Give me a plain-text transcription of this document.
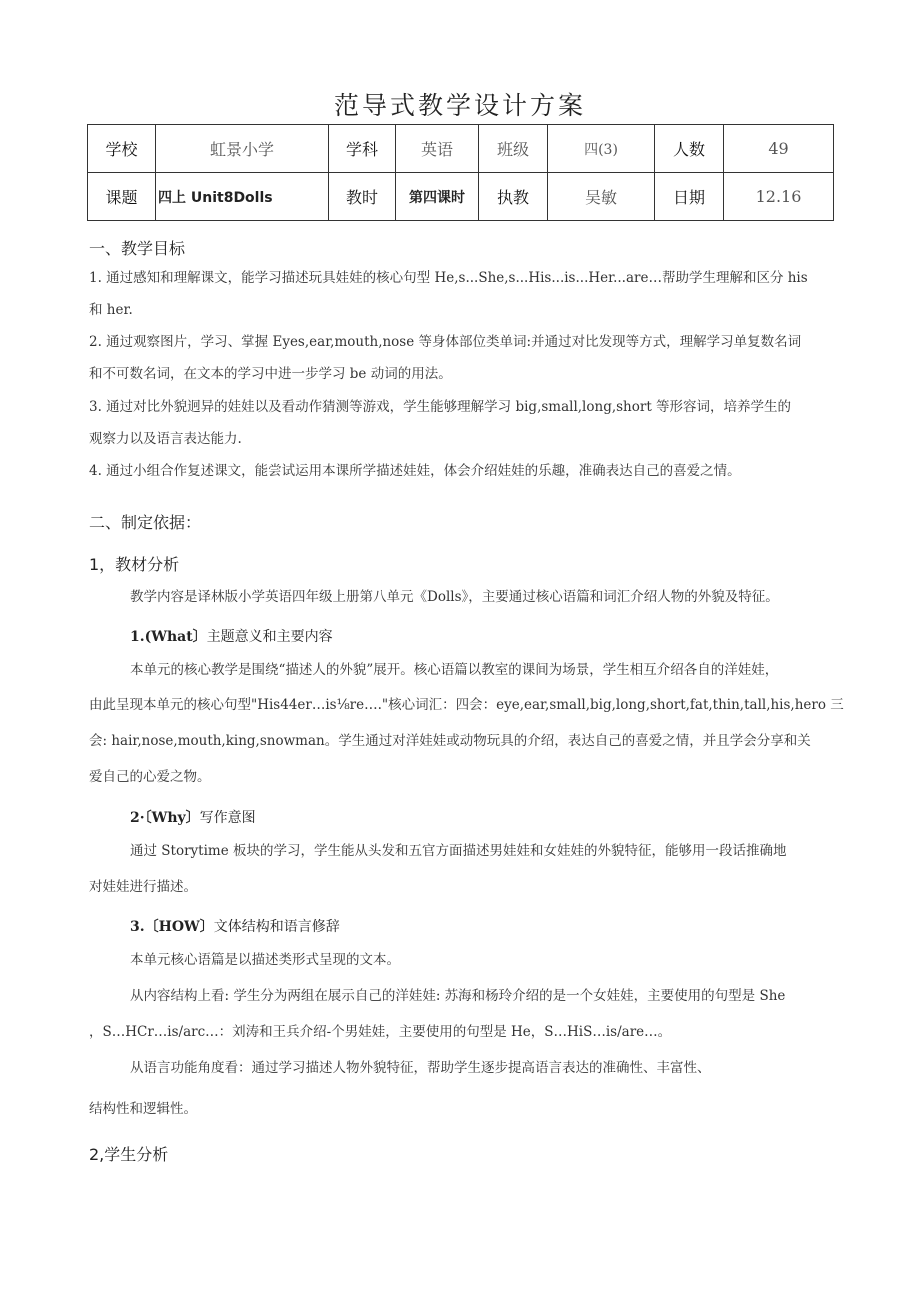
范导式教学设计方案
学校	虹景小学	学科	英语	班级	四(3)	人数	49
课题	四上 Unit8Dolls	教时	第四课时	执教	吴敏	日期	12.16
一、教学目标
1. 通过感知和理解课文，能学习描述玩具娃娃的核心句型 He,s...She,s...His...is...Her...are…帮助学生理解和区分 his
和 her.
2. 通过观察图片，学习、掌握 Eyes,ear,mouth,nose 等身体部位类单词:并通过对比发现等方式，理解学习单复数名词
和不可数名词，在文本的学习中进一步学习 be 动词的用法。
3. 通过对比外貌迥异的娃娃以及看动作猜测等游戏，学生能够理解学习 big,small,long,short 等形容词，培养学生的
观察力以及语言表达能力.
4. 通过小组合作复述课文，能尝试运用本课所学描述娃娃，体会介绍娃娃的乐趣，准确表达自己的喜爱之情。
二、制定依据：
1，教材分析
教学内容是译林版小学英语四年级上册第八单元《Dolls》，主要通过核心语篇和词汇介绍人物的外貌及特征。
1.(What〕主题意义和主要内容
本单元的核心教学是围绕“描述人的外貌”展开。核心语篇以教室的课间为场景，学生相互介绍各自的洋娃娃，
由此呈现本单元的核心句型"His44er…is⅛re…."核心词汇：四会：eye,ear,small,big,long,short,fat,thin,tall,his,hero 三
会: hair,nose,mouth,king,snowman。学生通过对洋娃娃或动物玩具的介绍，表达自己的喜爱之情，并且学会分享和关
爱自己的心爱之物。
2·〔Why〕写作意图
通过 Storytime 板块的学习，学生能从头发和五官方面描述男娃娃和女娃娃的外貌特征，能够用一段话推确地
对娃娃进行描述。
3.〔HOW〕文体结构和语言修辞
本单元核心语篇是以描述类形式呈现的文本。
从内容结构上看: 学生分为两组在展示自己的洋娃娃: 苏海和杨玲介绍的是一个女娃娃，主要使用的句型是 She
，S…HCr…is/arc…：刘涛和王兵介绍-个男娃娃，主要使用的句型是 He，S…HiS…is/are…。
从语言功能角度看：通过学习描述人物外貌特征，帮助学生逐步提高语言表达的准确性、丰富性、
结构性和逻辑性。
2,学生分析
